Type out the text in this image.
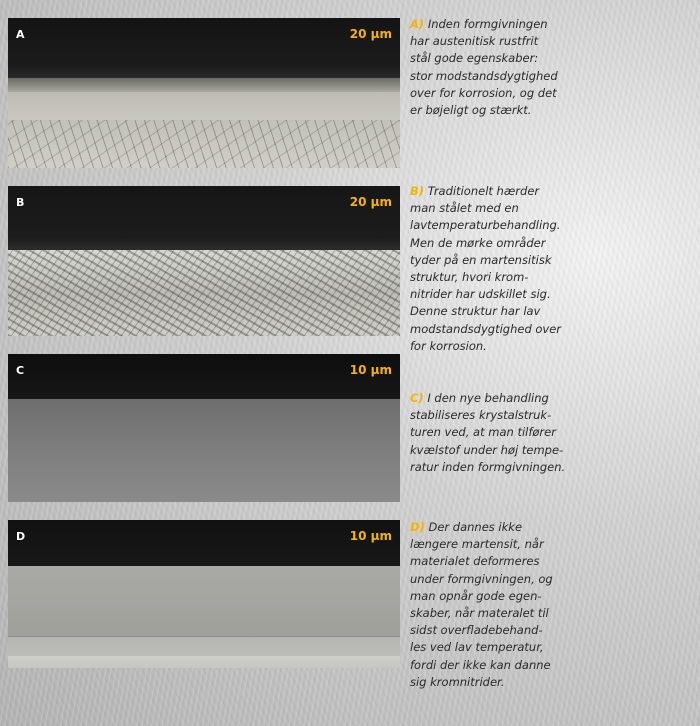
A	20 µm
B	20 µm
C	10 µm
D	10 µm
A) Inden formgivningen
har austenitisk rustfrit
stål gode egenskaber:
stor modstandsdygtighed
over for korrosion, og det
er bøjeligt og stærkt.
B) Traditionelt hærder
man stålet med en
lavtemperaturbehandling.
Men de mørke områder
tyder på en martensitisk
struktur, hvori krom-
nitrider har udskillet sig.
Denne struktur har lav
modstandsdygtighed over
for korrosion.
C) I den nye behandling
stabiliseres krystalstruk-
turen ved, at man tilfører
kvælstof under høj tempe-
ratur inden formgivningen.
D) Der dannes ikke
længere martensit, når
materialet deformeres
under formgivningen, og
man opnår gode egen-
skaber, når materalet til
sidst overfladebehand-
les ved lav temperatur,
fordi der ikke kan danne
sig kromnitrider.
